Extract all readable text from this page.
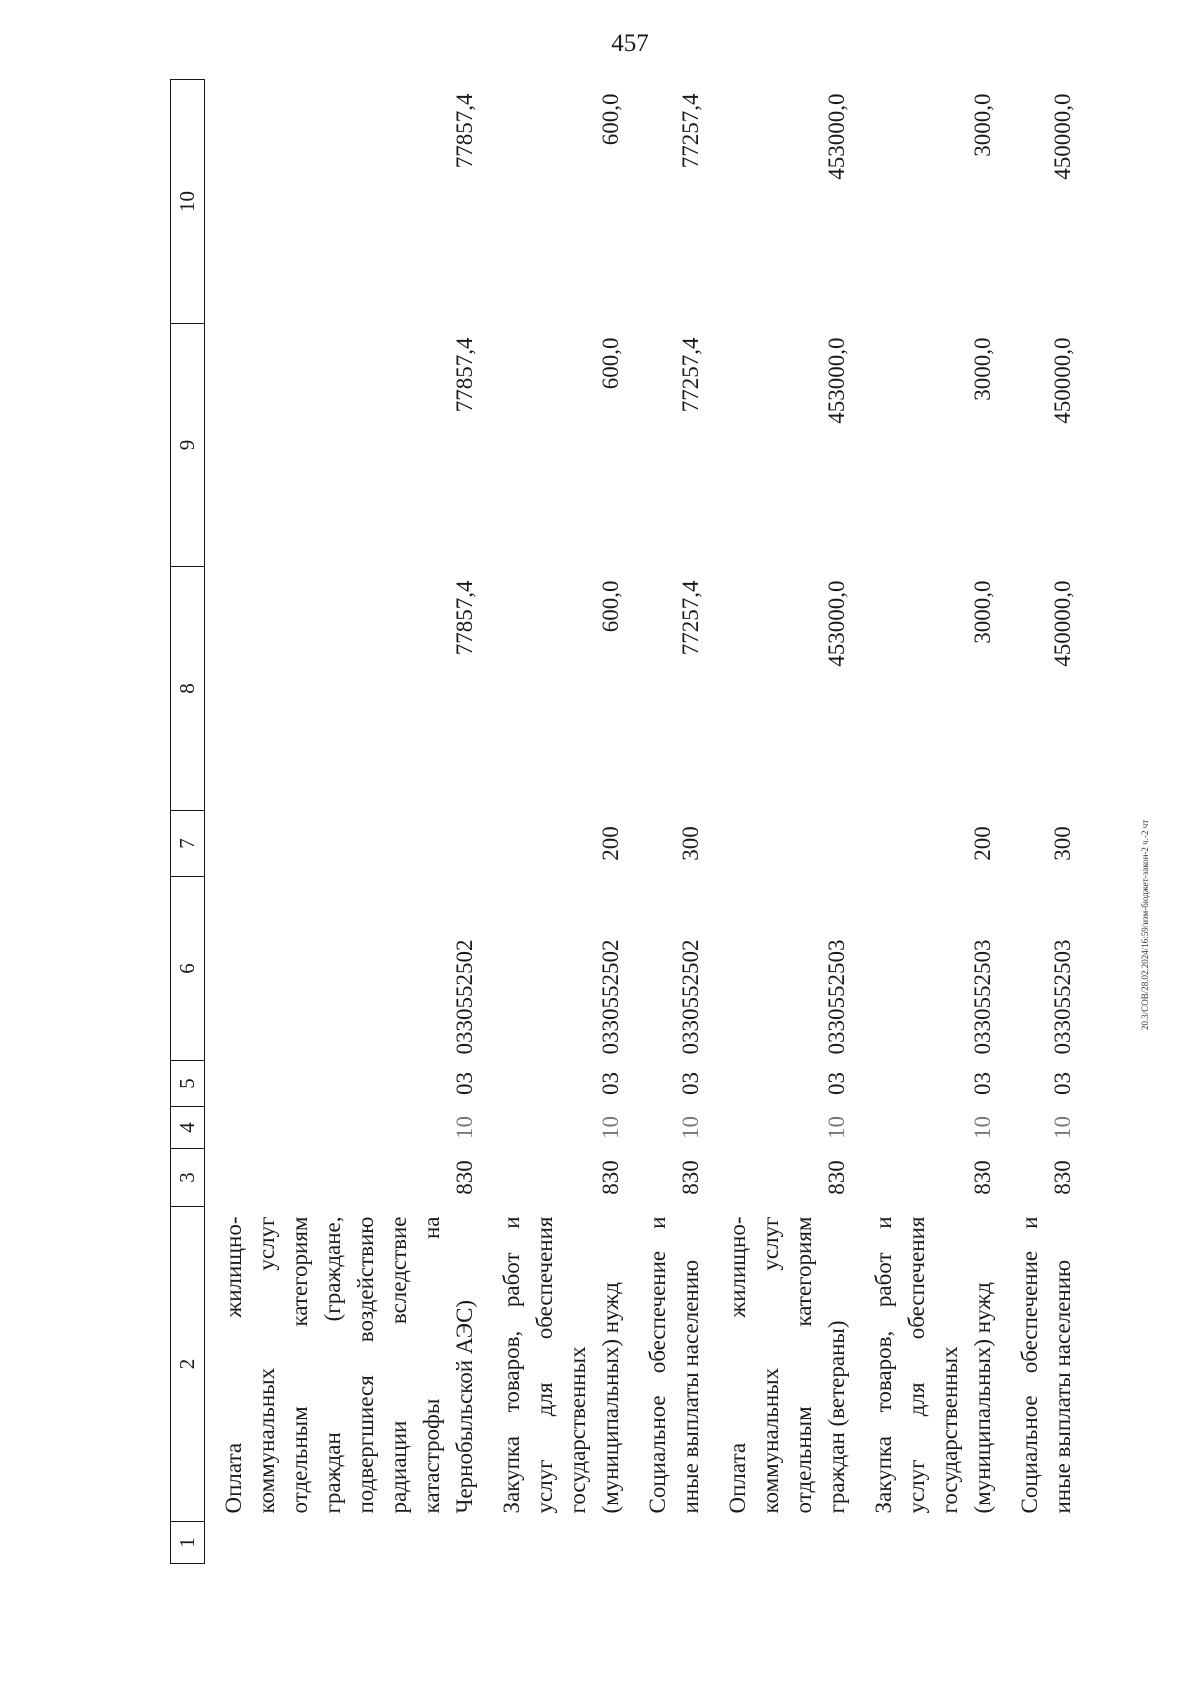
457
1	2	3	4	5	6	7	8	9	10
	Оплата жилищно-коммунальных услуг отдельным категориям граждан (граждане, подвергшиеся воздействию радиации вследствие катастрофы на Чернобыльской АЭС)	830	10	03	0330552502		77857,4	77857,4	77857,4
	Закупка товаров, работ и услуг для обеспечения государственных (муниципальных) нужд	830	10	03	0330552502	200	600,0	600,0	600,0
	Социальное обеспечение и иные выплаты населению	830	10	03	0330552502	300	77257,4	77257,4	77257,4
	Оплата жилищно-коммунальных услуг отдельным категориям граждан (ветераны)	830	10	03	0330552503		453000,0	453000,0	453000,0
	Закупка товаров, работ и услуг для обеспечения государственных (муниципальных) нужд	830	10	03	0330552503	200	3000,0	3000,0	3000,0
	Социальное обеспечение и иные выплаты населению	830	10	03	0330552503	300	450000,0	450000,0	450000,0
20.3/СОВ/28.02.2024/16:59/изм-бюджет-закон-2 ч.-2 чт
